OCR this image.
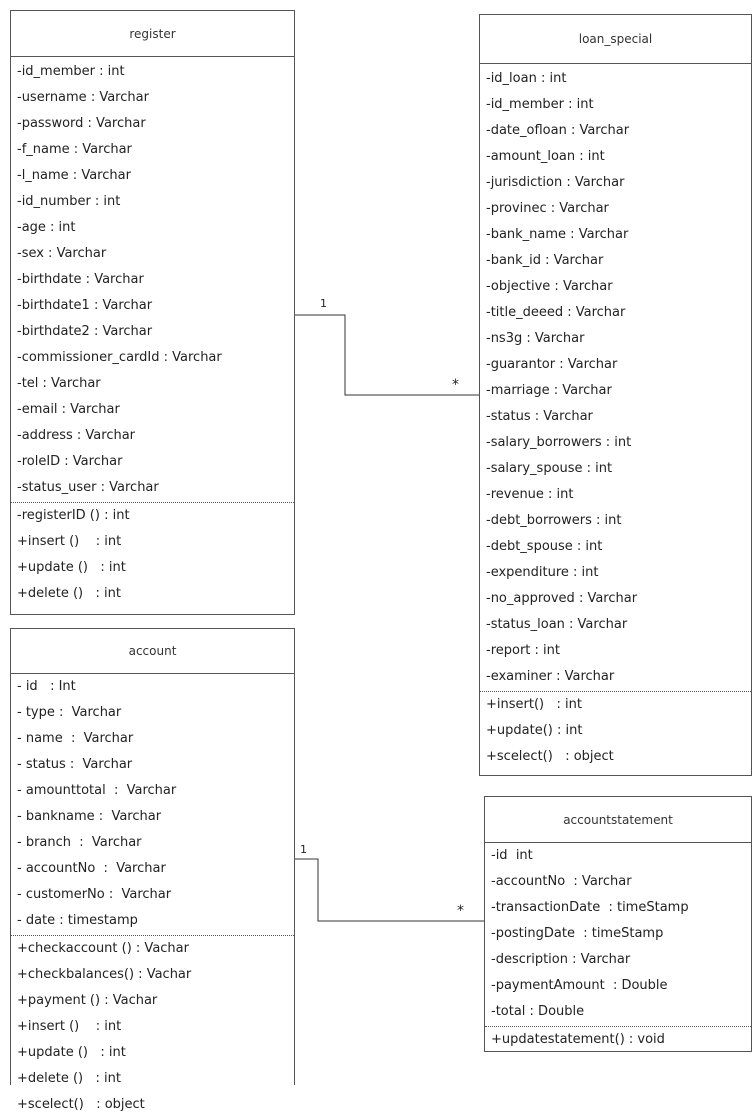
register
-id_member : int
-username : Varchar
-password : Varchar
-f_name : Varchar
-l_name : Varchar
-id_number : int
-age : int
-sex : Varchar
-birthdate : Varchar
-birthdate1 : Varchar
-birthdate2 : Varchar
-commissioner_cardId : Varchar
-tel : Varchar
-email : Varchar
-address : Varchar
-roleID : Varchar
-status_user : Varchar
-registerID () : int
+insert ()    : int
+update ()   : int
+delete ()   : int
loan_special
-id_loan : int
-id_member : int
-date_ofloan : Varchar
-amount_loan : int
-jurisdiction : Varchar
-provinec : Varchar
-bank_name : Varchar
-bank_id : Varchar
-objective : Varchar
-title_deeed : Varchar
-ns3g : Varchar
-guarantor : Varchar
-marriage : Varchar
-status : Varchar
-salary_borrowers : int
-salary_spouse : int
-revenue : int
-debt_borrowers : int
-debt_spouse : int
-expenditure : int
-no_approved : Varchar
-status_loan : Varchar
-report : int
-examiner : Varchar
+insert()   : int
+update() : int
+scelect()   : object
account
- id   : Int
- type :  Varchar
- name  :  Varchar
- status :  Varchar
- amounttotal  :  Varchar
- bankname :  Varchar
- branch  :  Varchar
- accountNo  :  Varchar
- customerNo :  Varchar
- date : timestamp
+checkaccount () : Vachar
+checkbalances() : Vachar
+payment () : Vachar
+insert ()    : int
+update ()   : int
+delete ()   : int
+scelect()   : object
accountstatement
-id  int
-accountNo  : Varchar
-transactionDate  : timeStamp
-postingDate  : timeStamp
-description : Varchar
-paymentAmount  : Double
-total : Double
+updatestatement() : void
1
*
1
*
